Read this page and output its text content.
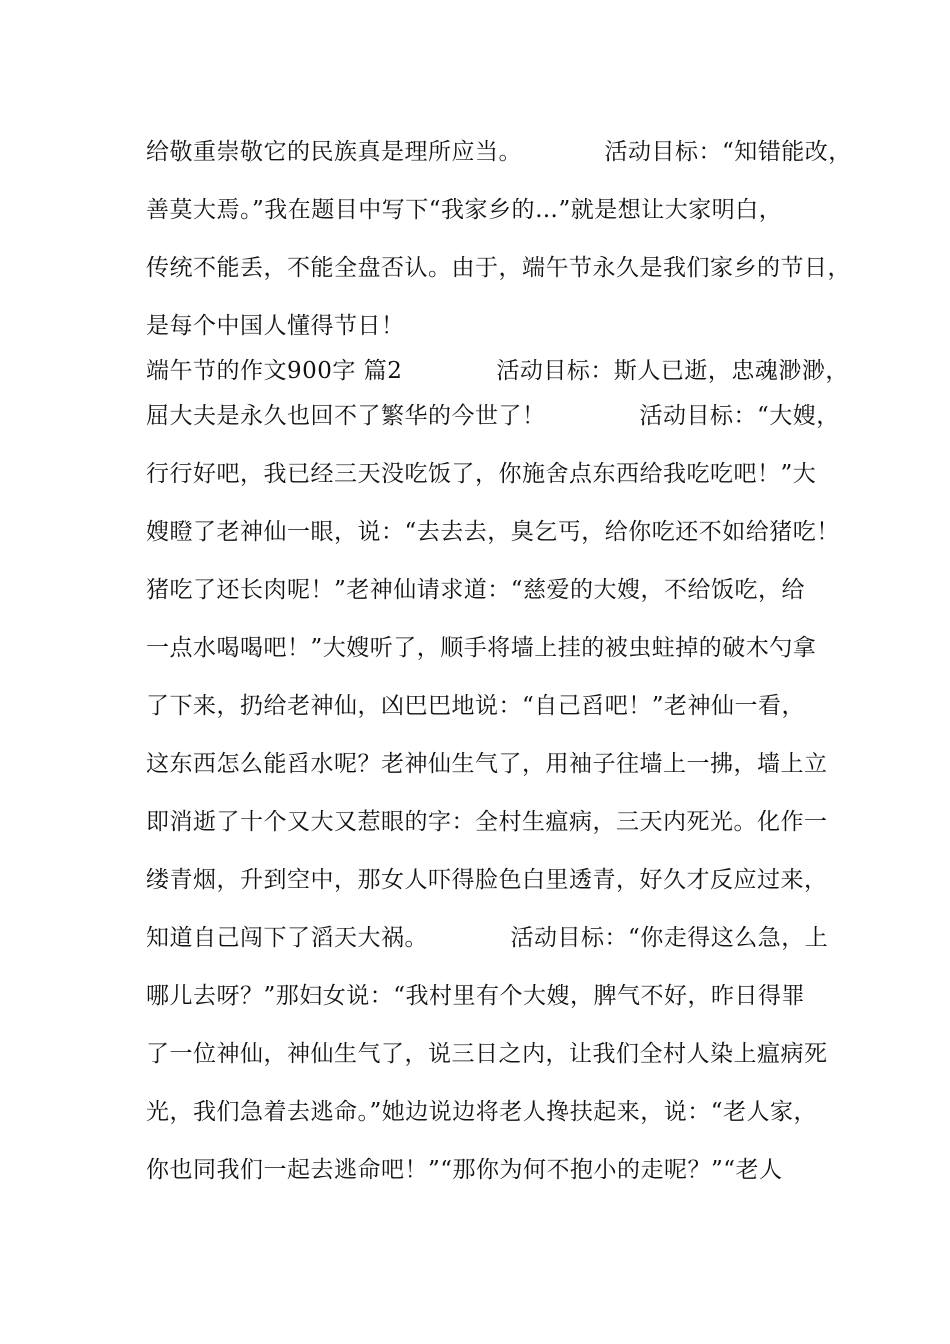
给敬重崇敬它的民族真是理所应当。　　　　活动目标：“知错能改，
善莫大焉。”我在题目中写下“我家乡的…”就是想让大家明白，
传统不能丢，不能全盘否认。由于，端午节永久是我们家乡的节日，
是每个中国人懂得节日！
端午节的作文900字 篇2　　　　活动目标：斯人已逝，忠魂渺渺，
屈大夫是永久也回不了繁华的今世了！　　　　活动目标：“大嫂，
行行好吧，我已经三天没吃饭了，你施舍点东西给我吃吃吧！”大
嫂瞪了老神仙一眼，说：“去去去，臭乞丐，给你吃还不如给猪吃！
猪吃了还长肉呢！”老神仙请求道：“慈爱的大嫂，不给饭吃，给
一点水喝喝吧！”大嫂听了，顺手将墙上挂的被虫蛀掉的破木勺拿
了下来，扔给老神仙，凶巴巴地说：“自己舀吧！”老神仙一看，
这东西怎么能舀水呢？老神仙生气了，用袖子往墙上一拂，墙上立
即消逝了十个又大又惹眼的字：全村生瘟病，三天内死光。化作一
缕青烟，升到空中，那女人吓得脸色白里透青，好久才反应过来，
知道自己闯下了滔天大祸。　　　　活动目标：“你走得这么急，上
哪儿去呀？”那妇女说：“我村里有个大嫂，脾气不好，昨日得罪
了一位神仙，神仙生气了，说三日之内，让我们全村人染上瘟病死
光，我们急着去逃命。”她边说边将老人搀扶起来，说：“老人家，
你也同我们一起去逃命吧！”“那你为何不抱小的走呢？”“老人
